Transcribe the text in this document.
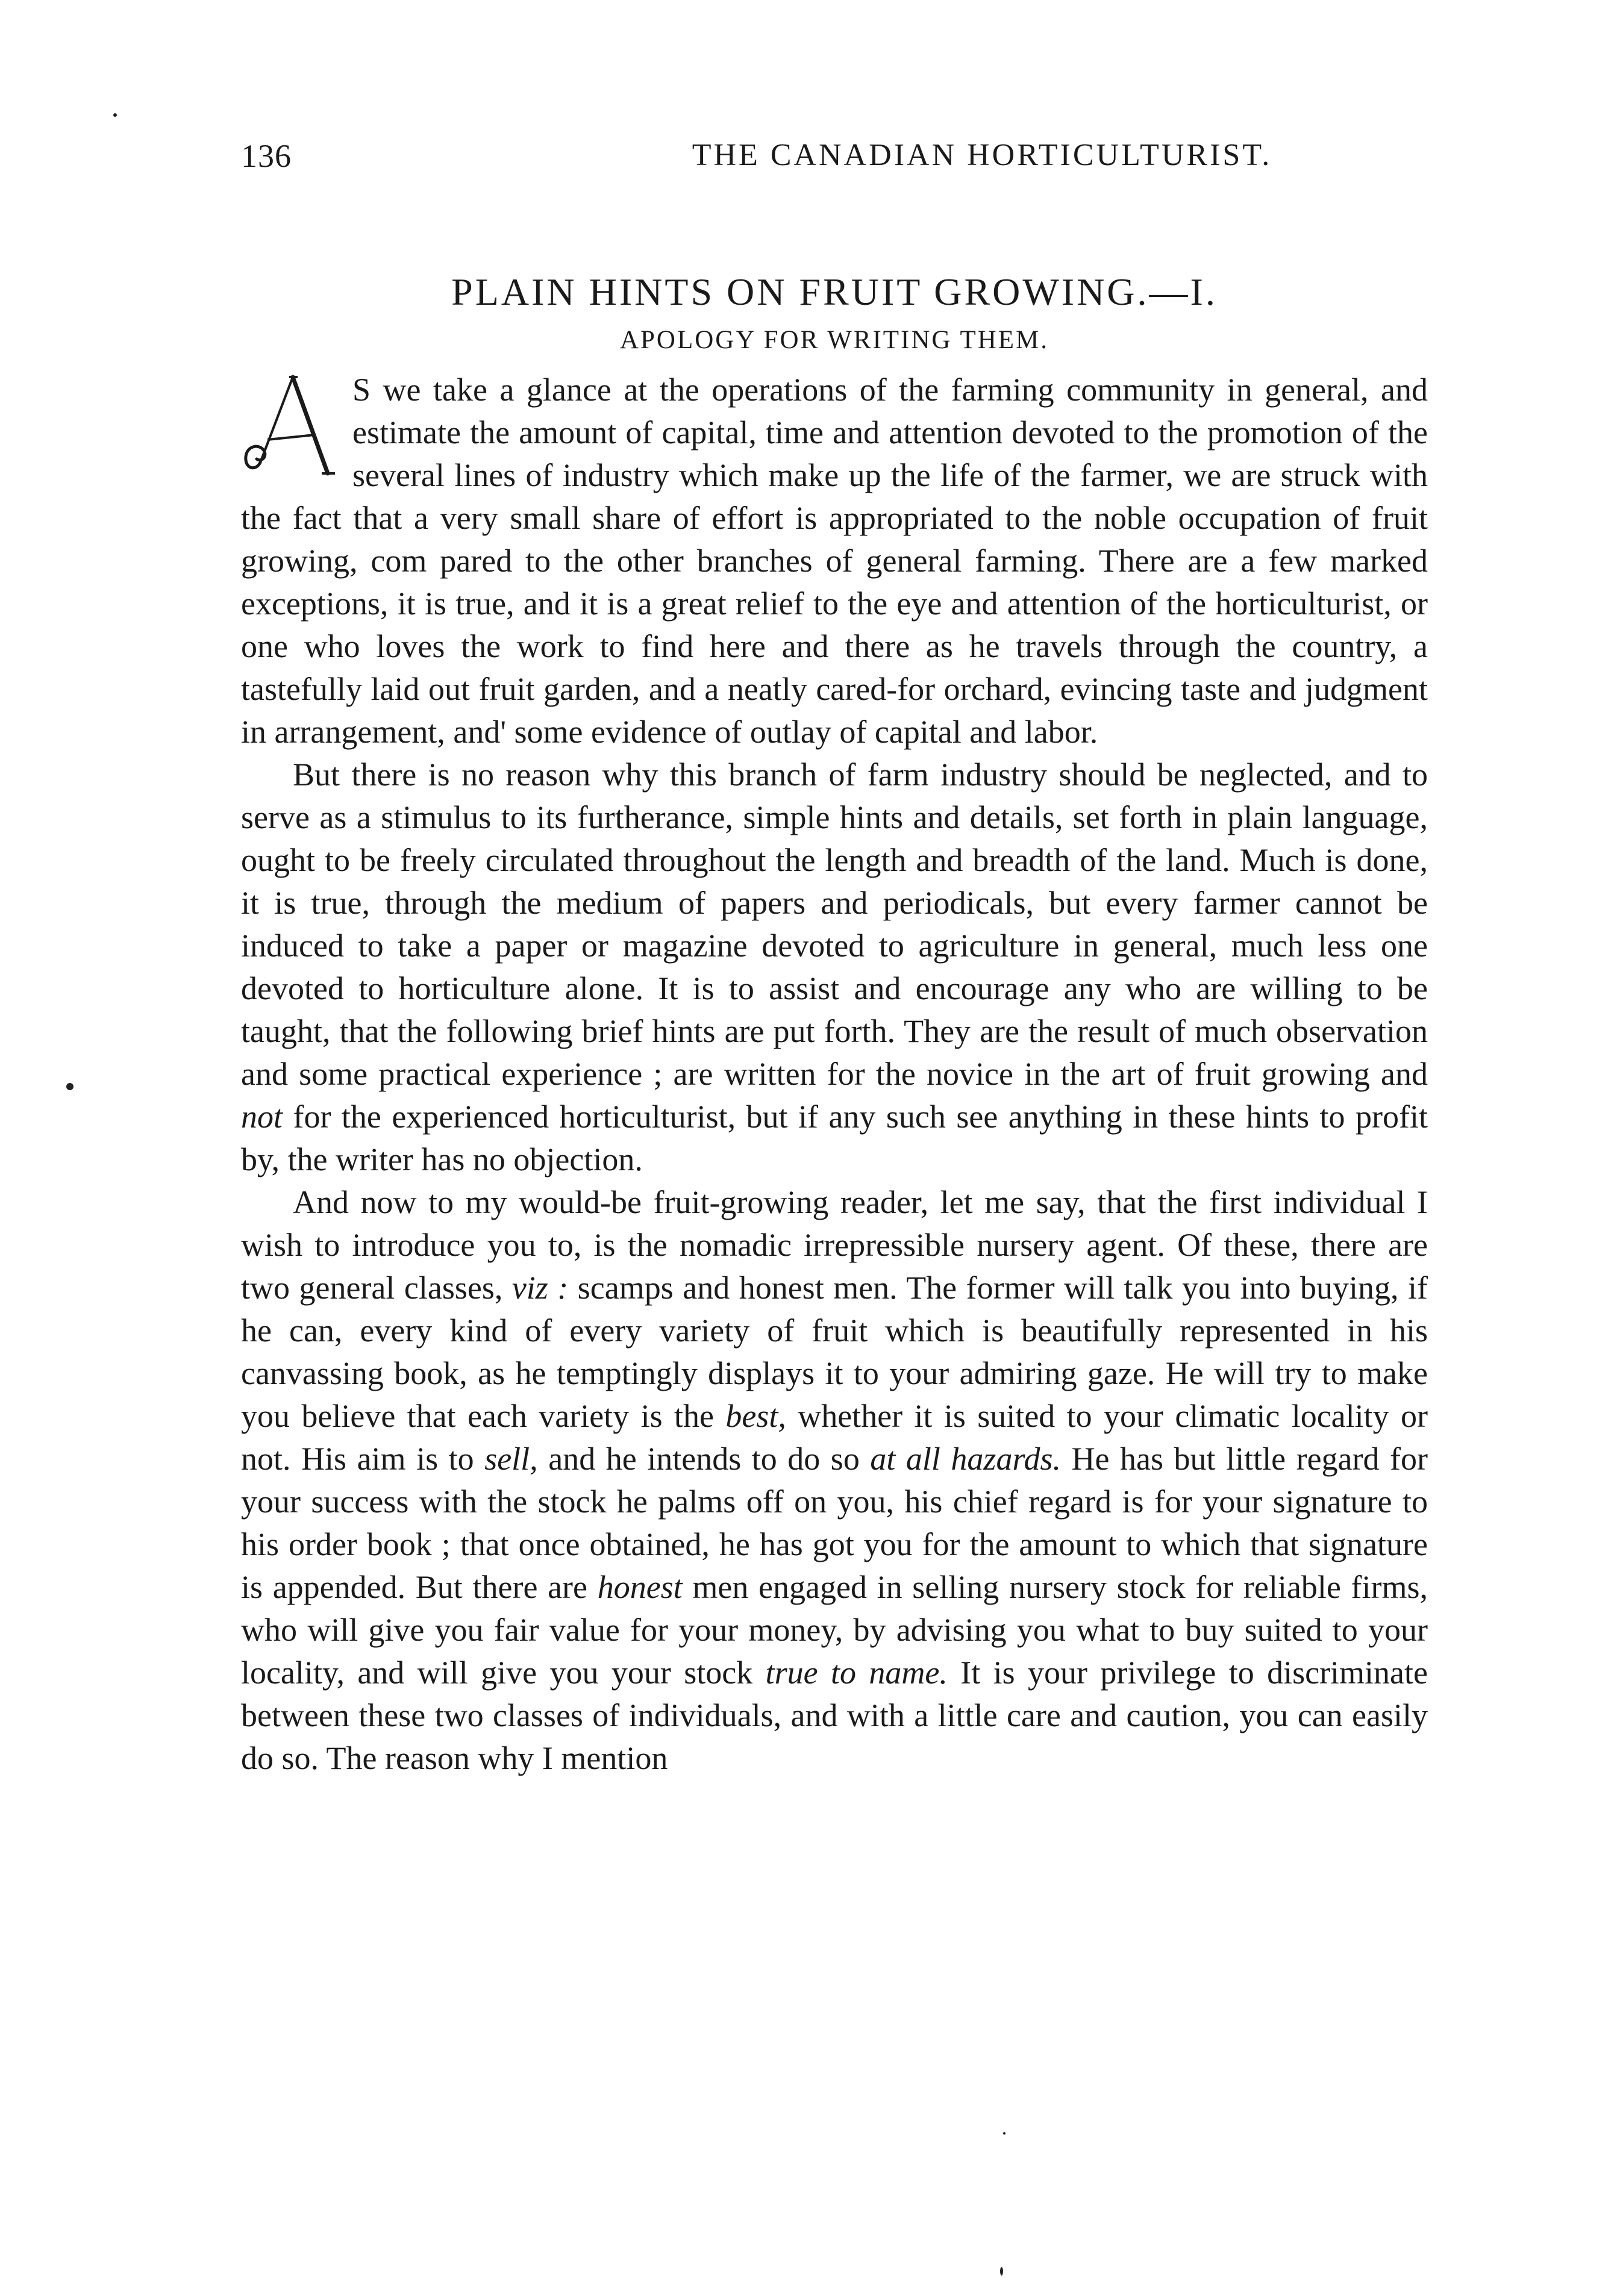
136	THE CANADIAN HORTICULTURIST.
PLAIN HINTS ON FRUIT GROWING.—I.
APOLOGY FOR WRITING THEM.

S we take a glance at the operations of the farming community in general, and estimate the amount of capital, time and attention devoted to the promotion of the several lines of industry which make up the life of the farmer, we are struck with the fact that a very small share of effort is appropriated to the noble occupation of fruit growing, com pared to the other branches of general farming. There are a few marked exceptions, it is true, and it is a great relief to the eye and attention of the horticulturist, or one who loves the work to find here and there as he travels through the country, a tastefully laid out fruit garden, and a neatly cared-for orchard, evincing taste and judgment in arrangement, and' some evidence of outlay of capital and labor.

But there is no reason why this branch of farm industry should be neglected, and to serve as a stimulus to its furtherance, simple hints and details, set forth in plain language, ought to be freely circulated throughout the length and breadth of the land. Much is done, it is true, through the medium of papers and periodicals, but every farmer cannot be induced to take a paper or magazine devoted to agriculture in general, much less one devoted to horticulture alone. It is to assist and encourage any who are willing to be taught, that the following brief hints are put forth. They are the result of much observation and some practical experience ; are written for the novice in the art of fruit growing and not for the experienced horticulturist, but if any such see anything in these hints to profit by, the writer has no objection.

And now to my would-be fruit-growing reader, let me say, that the first individual I wish to introduce you to, is the nomadic irrepressible nursery agent. Of these, there are two general classes, viz : scamps and honest men. The former will talk you into buying, if he can, every kind of every variety of fruit which is beautifully represented in his canvassing book, as he temptingly displays it to your admiring gaze. He will try to make you believe that each variety is the best, whether it is suited to your climatic locality or not. His aim is to sell, and he intends to do so at all hazards. He has but little regard for your success with the stock he palms off on you, his chief regard is for your signature to his order book ; that once obtained, he has got you for the amount to which that signature is appended. But there are honest men engaged in selling nursery stock for reliable firms, who will give you fair value for your money, by advising you what to buy suited to your locality, and will give you your stock true to name. It is your privilege to discriminate between these two classes of individuals, and with a little care and caution, you can easily do so. The reason why I mention
